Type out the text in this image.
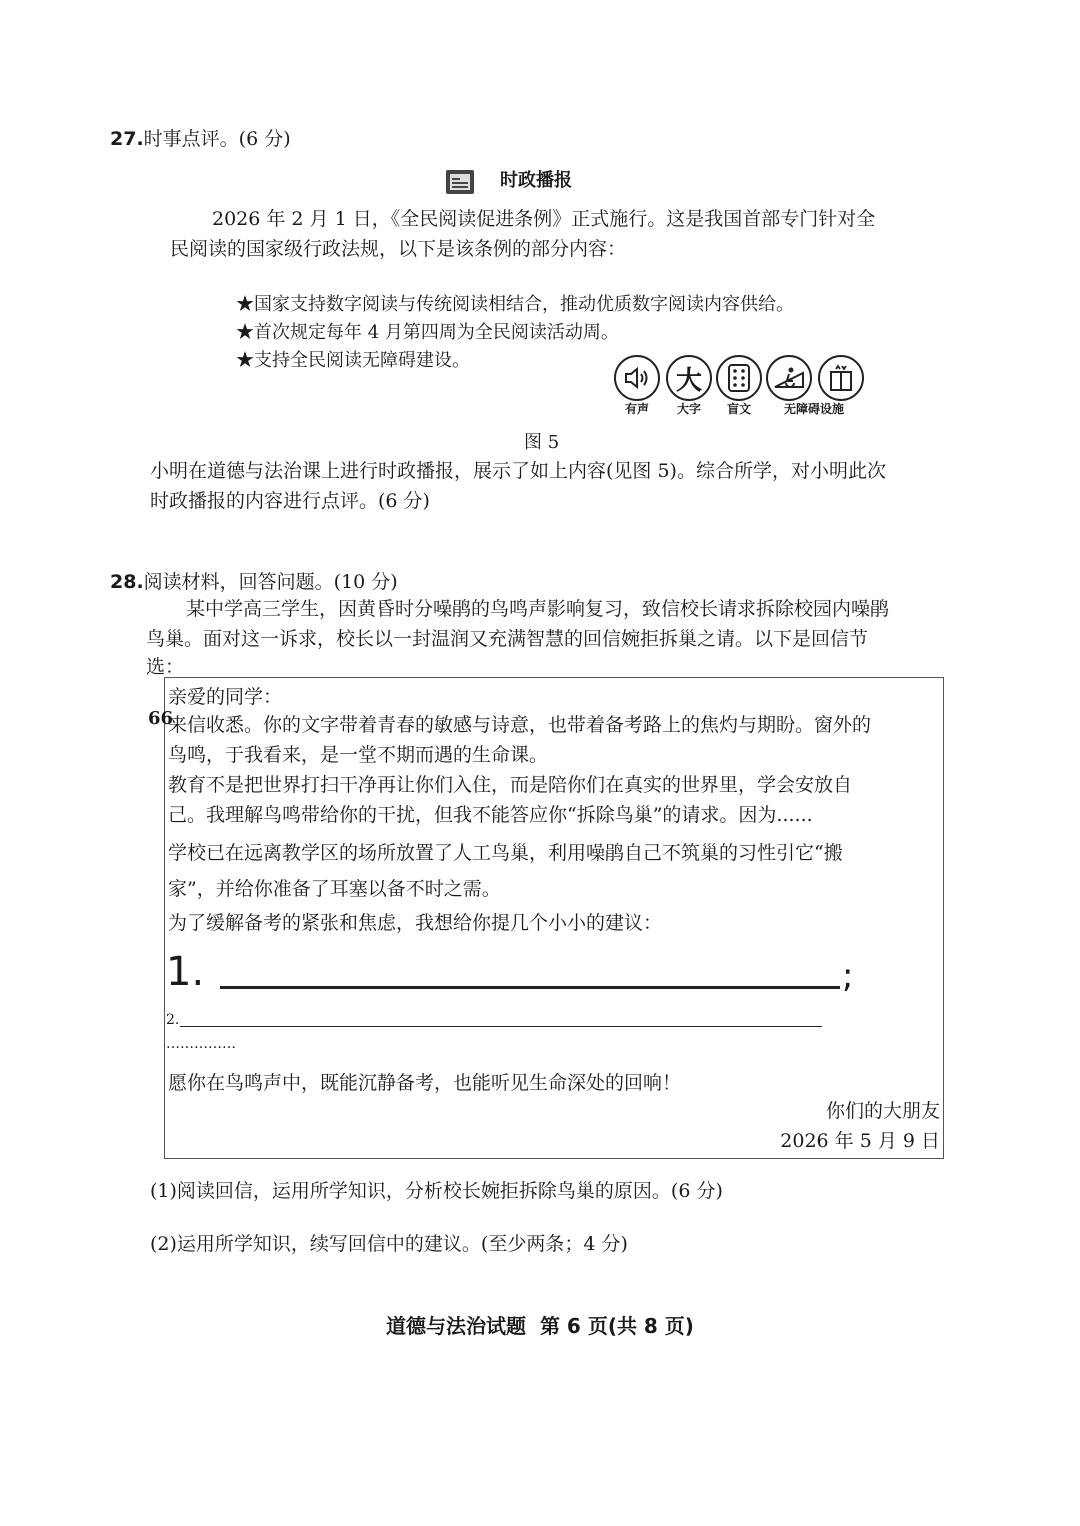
27.时事点评。(6 分)
时政播报
2026 年 2 月 1 日，《全民阅读促进条例》正式施行。这是我国首部专门针对全
民阅读的国家级行政法规，以下是该条例的部分内容：
★国家支持数字阅读与传统阅读相结合，推动优质数字阅读内容供给。
★首次规定每年 4 月第四周为全民阅读活动周。
★支持全民阅读无障碍建设。
大
有声	大字	盲文	无障碍设施
图 5
小明在道德与法治课上进行时政播报，展示了如上内容(见图 5)。综合所学，对小明此次
时政播报的内容进行点评。(6 分)
28.阅读材料，回答问题。(10 分)
某中学高三学生，因黄昏时分噪鹃的鸟鸣声影响复习，致信校长请求拆除校园内噪鹃
鸟巢。面对这一诉求，校长以一封温润又充满智慧的回信婉拒拆巢之请。以下是回信节
选：
亲爱的同学：
66
来信收悉。你的文字带着青春的敏感与诗意，也带着备考路上的焦灼与期盼。窗外的
鸟鸣，于我看来，是一堂不期而遇的生命课。
教育不是把世界打扫干净再让你们入住，而是陪你们在真实的世界里，学会安放自
己。我理解鸟鸣带给你的干扰，但我不能答应你“拆除鸟巢”的请求。因为......
学校已在远离教学区的场所放置了人工鸟巢，利用噪鹃自己不筑巢的习性引它“搬
家”，并给你准备了耳塞以备不时之需。
为了缓解备考的紧张和焦虑，我想给你提几个小小的建议：
1.	;
2.
……………
愿你在鸟鸣声中，既能沉静备考，也能听见生命深处的回响！
你们的大朋友
2026 年 5 月 9 日
(1)阅读回信，运用所学知识，分析校长婉拒拆除鸟巢的原因。(6 分)
(2)运用所学知识，续写回信中的建议。(至少两条；4 分)
道德与法治试题  第 6 页(共 8 页)
